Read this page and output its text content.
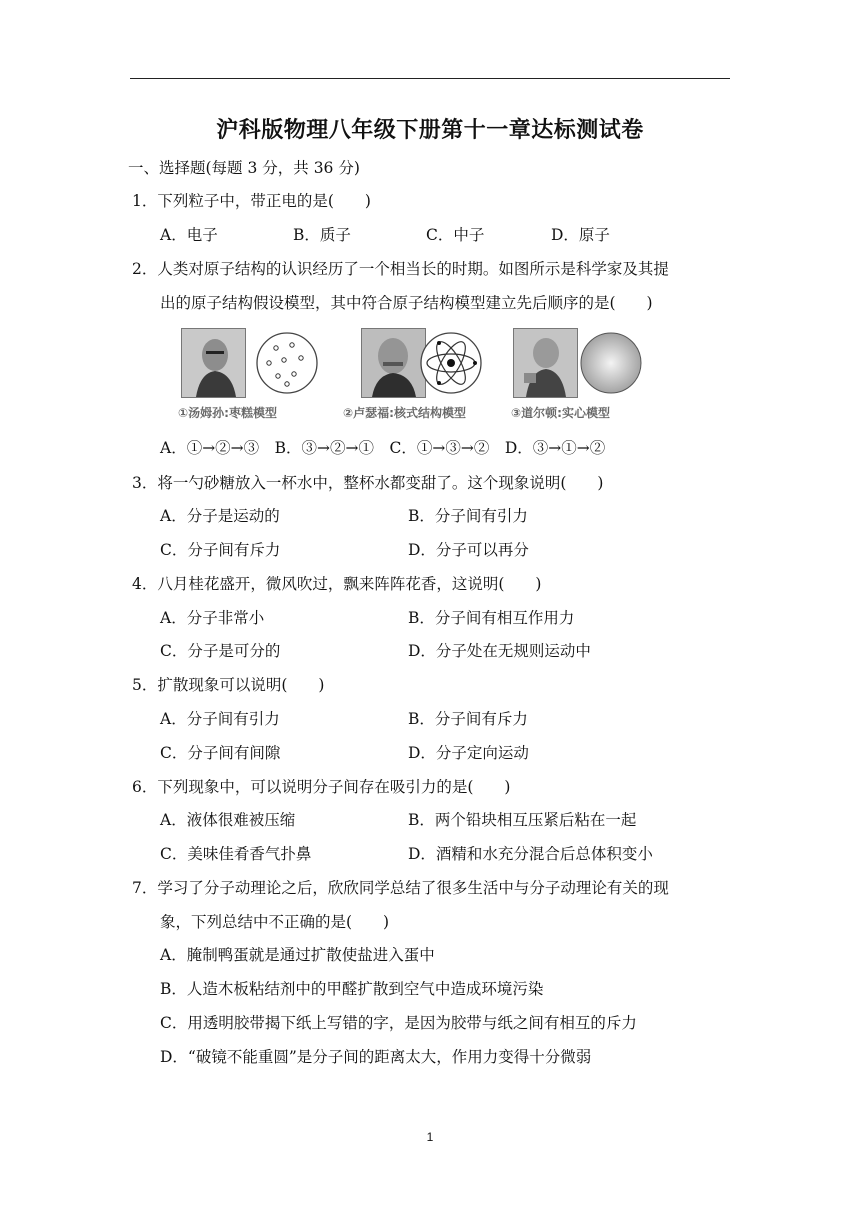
沪科版物理八年级下册第十一章达标测试卷
一、选择题(每题 3 分，共 36 分)
1．下列粒子中，带正电的是(　　)
A．电子	B．质子	C．中子	D．原子
2．人类对原子结构的认识经历了一个相当长的时期。如图所示是科学家及其提
出的原子结构假设模型，其中符合原子结构模型建立先后顺序的是(　　)
①汤姆孙:枣糕模型	②卢瑟福:核式结构模型	③道尔顿:实心模型
A．①→②→③　B．③→②→①　C．①→③→②　D．③→①→②
3．将一勺砂糖放入一杯水中，整杯水都变甜了。这个现象说明(　　)
A．分子是运动的	B．分子间有引力
C．分子间有斥力	D．分子可以再分
4．八月桂花盛开，微风吹过，飘来阵阵花香，这说明(　　)
A．分子非常小	B．分子间有相互作用力
C．分子是可分的	D．分子处在无规则运动中
5．扩散现象可以说明(　　)
A．分子间有引力	B．分子间有斥力
C．分子间有间隙	D．分子定向运动
6．下列现象中，可以说明分子间存在吸引力的是(　　)
A．液体很难被压缩	B．两个铅块相互压紧后粘在一起
C．美味佳肴香气扑鼻	D．酒精和水充分混合后总体积变小
7．学习了分子动理论之后，欣欣同学总结了很多生活中与分子动理论有关的现
象，下列总结中不正确的是(　　)
A．腌制鸭蛋就是通过扩散使盐进入蛋中
B．人造木板粘结剂中的甲醛扩散到空气中造成环境污染
C．用透明胶带揭下纸上写错的字，是因为胶带与纸之间有相互的斥力
D．“破镜不能重圆”是分子间的距离太大，作用力变得十分微弱
1
